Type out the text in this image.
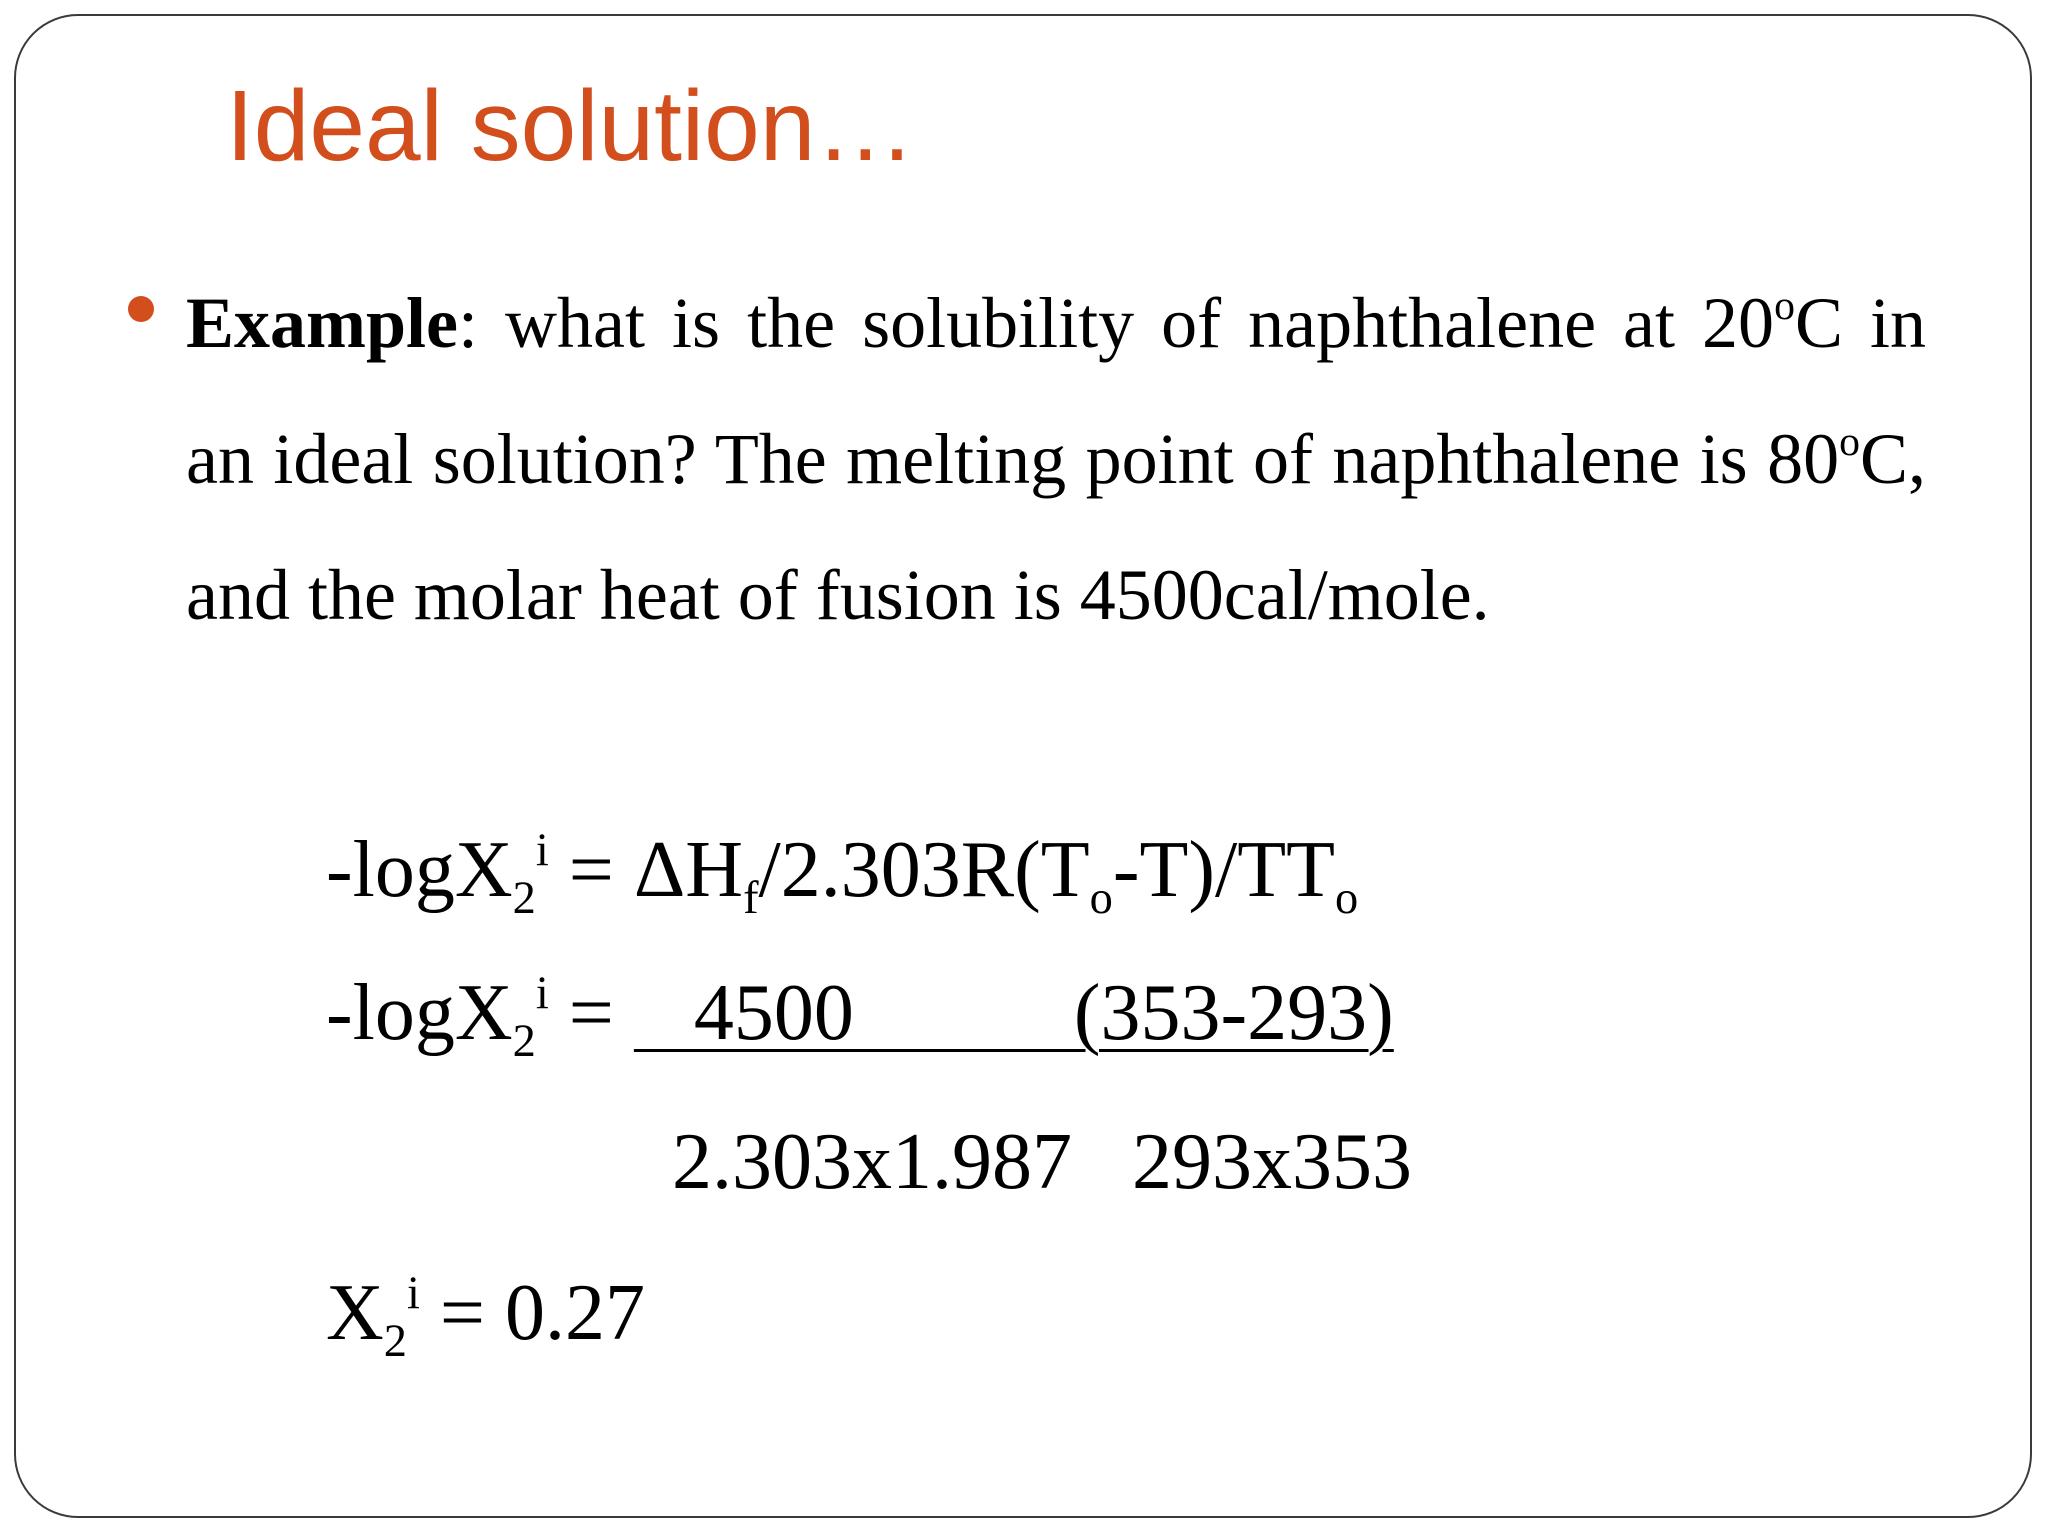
Ideal solution…
Example: what is the solubility of naphthalene at 20$^o$C in an ideal solution? The melting point of naphthalene is 80$^o$C, and the molar heat of fusion is 4500cal/mole.
$-\log X_2^i = \Delta H_f/2.303R(T_o-T)/TT_o$
-logX$_2^i$ =    4500           (353-293)
2.303x1.987   293x353
$X_2^i = 0.27$
